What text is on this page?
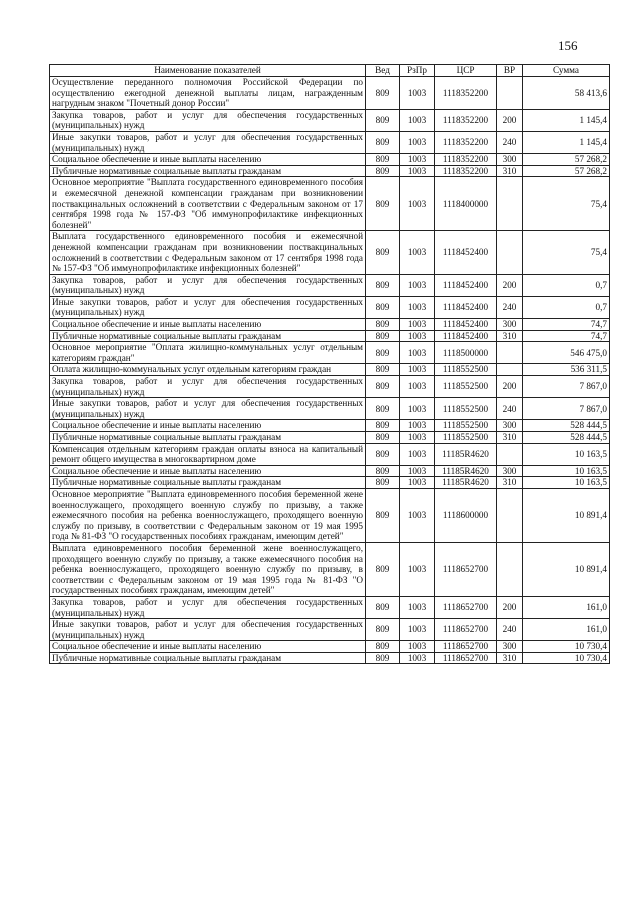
156
Наименование показателей	Вед	РзПр	ЦСР	ВР	Сумма
Осуществление переданного полномочия Российской Федерации по осуществлению ежегодной денежной выплаты лицам, награжденным нагрудным знаком "Почетный донор России"	809	1003	1118352200		58 413,6
Закупка товаров, работ и услуг для обеспечения государственных (муниципальных) нужд	809	1003	1118352200	200	1 145,4
Иные закупки товаров, работ и услуг для обеспечения государственных (муниципальных) нужд	809	1003	1118352200	240	1 145,4
Социальное обеспечение и иные выплаты населению	809	1003	1118352200	300	57 268,2
Публичные нормативные социальные выплаты гражданам	809	1003	1118352200	310	57 268,2
Основное мероприятие "Выплата государственного единовременного пособия и ежемесячной денежной компенсации гражданам при возникновении поствакцинальных осложнений в соответствии с Федеральным законом от 17 сентября 1998 года № 157-ФЗ "Об иммунопрофилактике инфекционных болезней"	809	1003	1118400000		75,4
Выплата государственного единовременного пособия и ежемесячной денежной компенсации гражданам при возникновении поствакцинальных осложнений в соответствии с Федеральным законом от 17 сентября 1998 года № 157-ФЗ "Об иммунопрофилактике инфекционных болезней"	809	1003	1118452400		75,4
Закупка товаров, работ и услуг для обеспечения государственных (муниципальных) нужд	809	1003	1118452400	200	0,7
Иные закупки товаров, работ и услуг для обеспечения государственных (муниципальных) нужд	809	1003	1118452400	240	0,7
Социальное обеспечение и иные выплаты населению	809	1003	1118452400	300	74,7
Публичные нормативные социальные выплаты гражданам	809	1003	1118452400	310	74,7
Основное мероприятие "Оплата жилищно-коммунальных услуг отдельным категориям граждан"	809	1003	1118500000		546 475,0
Оплата жилищно-коммунальных услуг отдельным категориям граждан	809	1003	1118552500		536 311,5
Закупка товаров, работ и услуг для обеспечения государственных (муниципальных) нужд	809	1003	1118552500	200	7 867,0
Иные закупки товаров, работ и услуг для обеспечения государственных (муниципальных) нужд	809	1003	1118552500	240	7 867,0
Социальное обеспечение и иные выплаты населению	809	1003	1118552500	300	528 444,5
Публичные нормативные социальные выплаты гражданам	809	1003	1118552500	310	528 444,5
Компенсация отдельным категориям граждан оплаты взноса на капитальный ремонт общего имущества в многоквартирном доме	809	1003	11185R4620		10 163,5
Социальное обеспечение и иные выплаты населению	809	1003	11185R4620	300	10 163,5
Публичные нормативные социальные выплаты гражданам	809	1003	11185R4620	310	10 163,5
Основное мероприятие "Выплата единовременного пособия беременной жене военнослужащего, проходящего военную службу по призыву, а также ежемесячного пособия на ребенка военнослужащего, проходящего военную службу по призыву, в соответствии с Федеральным законом от 19 мая 1995 года № 81-ФЗ "О государственных пособиях гражданам, имеющим детей"	809	1003	1118600000		10 891,4
Выплата единовременного пособия беременной жене военнослужащего, проходящего военную службу по призыву, а также ежемесячного пособия на ребенка военнослужащего, проходящего военную службу по призыву, в соответствии с Федеральным законом от 19 мая 1995 года № 81-ФЗ "О государственных пособиях гражданам, имеющим детей"	809	1003	1118652700		10 891,4
Закупка товаров, работ и услуг для обеспечения государственных (муниципальных) нужд	809	1003	1118652700	200	161,0
Иные закупки товаров, работ и услуг для обеспечения государственных (муниципальных) нужд	809	1003	1118652700	240	161,0
Социальное обеспечение и иные выплаты населению	809	1003	1118652700	300	10 730,4
Публичные нормативные социальные выплаты гражданам	809	1003	1118652700	310	10 730,4
